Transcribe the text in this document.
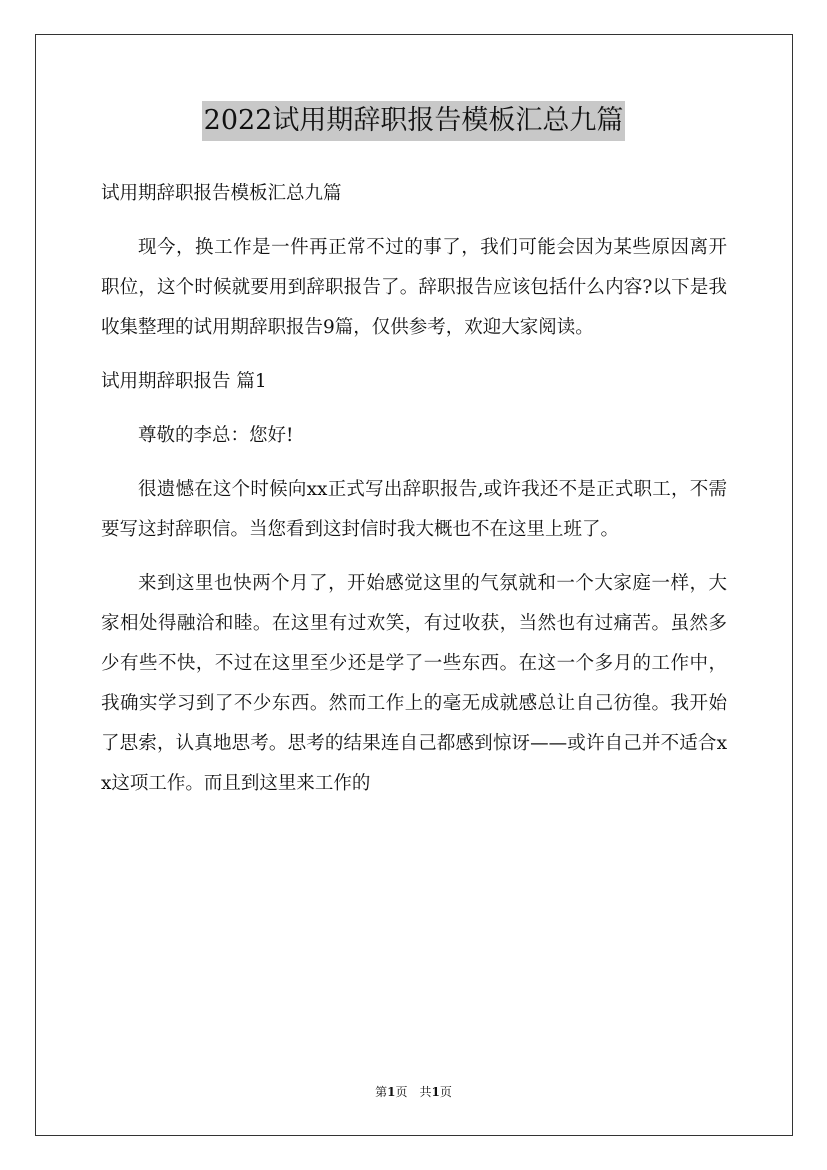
2022试用期辞职报告模板汇总九篇

试用期辞职报告模板汇总九篇

现今，换工作是一件再正常不过的事了，我们可能会因为某些原因离开职位，这个时候就要用到辞职报告了。辞职报告应该包括什么内容?以下是我收集整理的试用期辞职报告9篇，仅供参考，欢迎大家阅读。

试用期辞职报告 篇1

尊敬的李总：您好!

很遗憾在这个时候向xx正式写出辞职报告,或许我还不是正式职工，不需要写这封辞职信。当您看到这封信时我大概也不在这里上班了。

来到这里也快两个月了，开始感觉这里的气氛就和一个大家庭一样，大家相处得融洽和睦。在这里有过欢笑，有过收获，当然也有过痛苦。虽然多少有些不快，不过在这里至少还是学了一些东西。在这一个多月的工作中，我确实学习到了不少东西。然而工作上的毫无成就感总让自己彷徨。我开始了思索，认真地思考。思考的结果连自己都感到惊讶——或许自己并不适合xx这项工作。而且到这里来工作的

第1页　共1页
